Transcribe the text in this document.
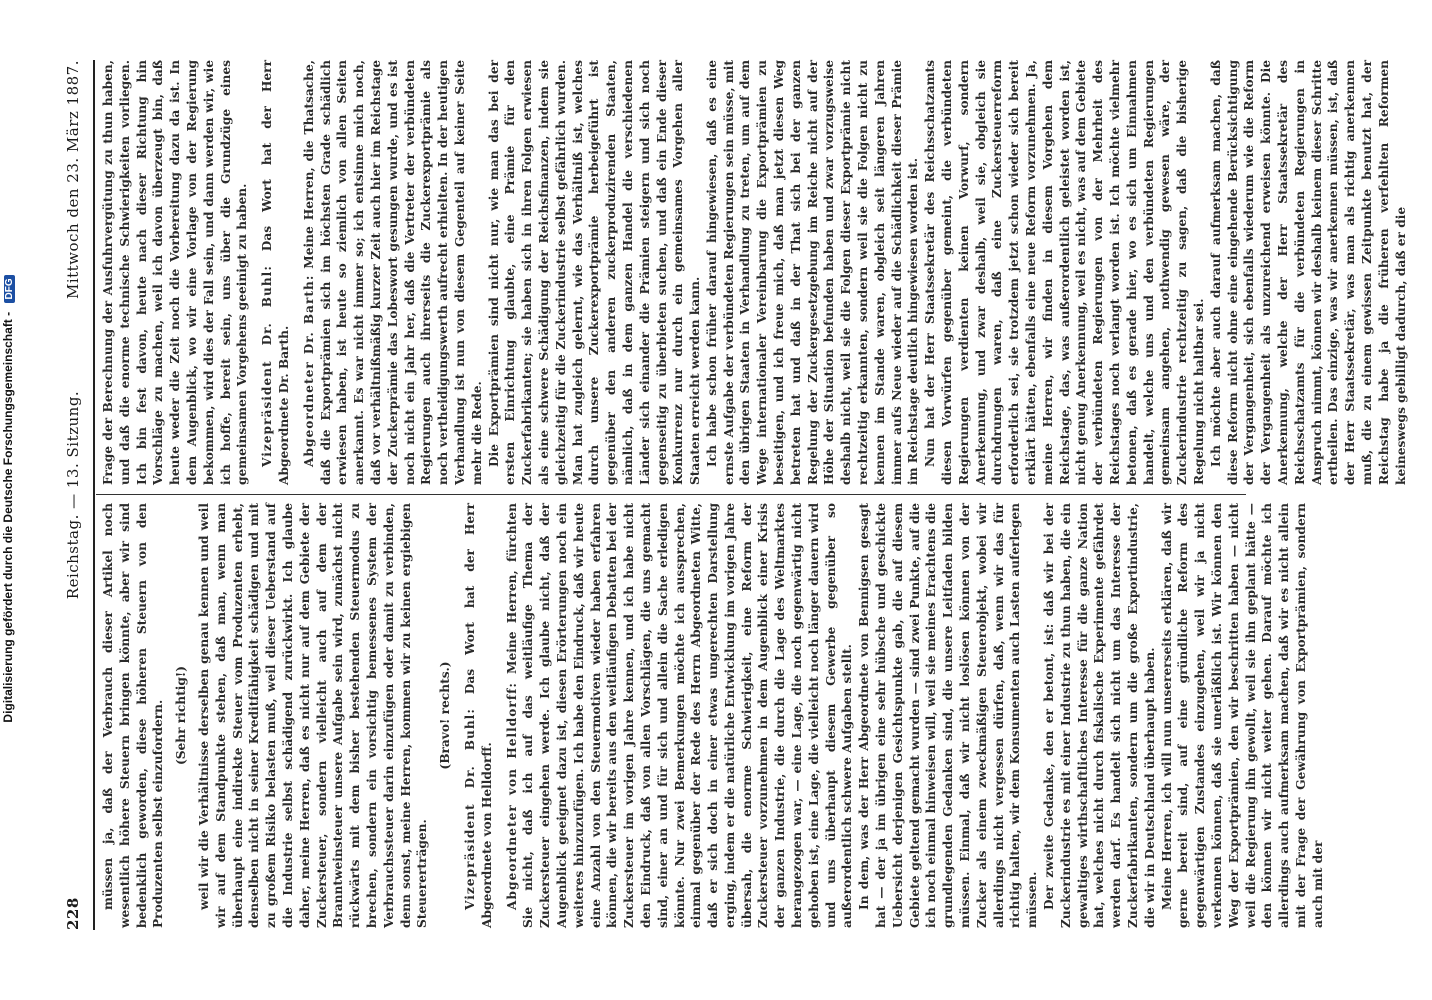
Digitalisierung gefördert durch die Deutsche Forschungsgemeinschaft - DFG
228
Reichstag. — 13. Sitzung.
Mittwoch den 23. März 1887.

müssen ja, daß der Verbrauch dieser Artikel noch wesentlich höhere Steuern bringen könnte, aber wir sind bedenklich geworden, diese höheren Steuern von den Produzenten selbst einzufordern. (Sehr richtig!) weil wir die Verhältnisse derselben genau kennen und weil wir auf dem Standpunkte stehen, daß man, wenn man überhaupt eine indirekte Steuer vom Produzenten erhebt, denselben nicht in seiner Kreditfähigkeit schädigen und mit zu großem Risiko belasten muß, weil dieser Ueberstand auf die Industrie selbst schädigend zurückwirkt. Ich glaube daher, meine Herren, daß es nicht nur auf dem Gebiete der Zuckersteuer, sondern vielleicht auch auf dem der Branntweinsteuer unsere Aufgabe sein wird, zunächst nicht rückwärts mit dem bisher bestehenden Steuermodus zu brechen, sondern ein vorsichtig bemessenes System der Verbrauchssteuer darin einzufügen oder damit zu verbinden, denn sonst, meine Herren, kommen wir zu keinen ergiebigen Steuererträgen.

(Bravo! rechts.) Vizepräsident Dr. Buhl: Das Wort hat der Herr Abgeordnete von Helldorff. Abgeordneter von Helldorff: Meine Herren, fürchten Sie nicht, daß ich auf das weitläufige Thema der Zuckersteuer eingehen werde. Ich glaube nicht, daß der Augenblick geeignet dazu ist, diesen Erörterungen noch ein weiteres hinzuzufügen. Ich habe den Eindruck, daß wir heute eine Anzahl von den Steuermotiven wieder haben erfahren können, die wir bereits aus den weitläufigen Debatten bei der Zuckersteuer im vorigen Jahre kennen, und ich habe nicht den Eindruck, daß von allen Vorschlägen, die uns gemacht sind, einer an und für sich und allein die Sache erledigen könnte. Nur zwei Bemerkungen möchte ich aussprechen, einmal gegenüber der Rede des Herrn Abgeordneten Witte, daß er sich doch in einer etwas ungerechten Darstellung erging, indem er die natürliche Entwicklung im vorigen Jahre übersah, die enorme Schwierigkeit, eine Reform der Zuckersteuer vorzunehmen in dem Augenblick einer Krisis der ganzen Industrie, die durch die Lage des Weltmarktes herangezogen war, — eine Lage, die noch gegenwärtig nicht gehoben ist, eine Lage, die vielleicht noch länger dauern wird und uns überhaupt diesem Gewerbe gegenüber so außerordentlich schwere Aufgaben stellt. In dem, was der Herr Abgeordnete von Bennigsen gesagt hat — der ja im übrigen eine sehr hübsche und geschickte Uebersicht derjenigen Gesichtspunkte gab, die auf diesem Gebiete geltend gemacht wurden — sind zwei Punkte, auf die ich noch einmal hinweisen will, weil sie meines Erachtens die grundlegenden Gedanken sind, die unsere Leitfaden bilden müssen. Einmal, daß wir nicht loslösen können von der Zucker als einem zweckmäßigen Steuerobjekt, wobei wir allerdings nicht vergessen dürfen, daß, wenn wir das für richtig halten, wir dem Konsumenten auch Lasten auferlegen müssen. Der zweite Gedanke, den er betont, ist: daß wir bei der Zuckerindustrie es mit einer Industrie zu thun haben, die ein gewaltiges wirthschaftliches Interesse für die ganze Nation hat, welches nicht durch fiskalische Experimente gefährdet werden darf. Es handelt sich nicht um das Interesse der Zuckerfabrikanten, sondern um die große Exportindustrie, die wir in Deutschland überhaupt haben. Meine Herren, ich will nun unsererseits erklären, daß wir gerne bereit sind, auf eine gründliche Reform des gegenwärtigen Zustandes einzugehen, weil wir ja nicht verkennen können, daß sie unerläßlich ist. Wir können den Weg der Exportprämien, den wir beschritten haben — nicht weil die Regierung ihn gewollt, weil sie ihn geplant hätte — den können wir nicht weiter gehen. Darauf möchte ich allerdings auch aufmerksam machen, daß wir es nicht allein mit der Frage der Gewährung von Exportprämien, sondern auch mit der

Frage der Berechnung der Ausfuhrvergütung zu thun haben, und daß die enorme technische Schwierigkeiten vorliegen. Ich bin fest davon, heute nach dieser Richtung hin Vorschläge zu machen, weil ich davon überzeugt bin, daß heute weder die Zeit noch die Vorbereitung dazu da ist. In dem Augenblick, wo wir eine Vorlage von der Regierung bekommen, wird dies der Fall sein, und dann werden wir, wie ich hoffe, bereit sein, uns über die Grundzüge eines gemeinsamen Vorgehens geeinigt zu haben. Vizepräsident Dr. Buhl: Das Wort hat der Herr Abgeordnete Dr. Barth. Abgeordneter Dr. Barth: Meine Herren, die Thatsache, daß die Exportprämien sich im höchsten Grade schädlich erwiesen haben, ist heute so ziemlich von allen Seiten anerkannt. Es war nicht immer so; ich entsinne mich noch, daß vor verhältnißmäßig kurzer Zeit auch hier im Reichstage der Zuckerprämie das Lobeswort gesungen wurde, und es ist noch nicht ein Jahr her, daß die Vertreter der verbündeten Regierungen auch ihrerseits die Zuckerexportprämie als noch vertheidigungswerth aufrecht erhielten. In der heutigen Verhandlung ist nun von diesem Gegenteil auf keiner Seite mehr die Rede. Die Exportprämien sind nicht nur, wie man das bei der ersten Einrichtung glaubte, eine Prämie für den Zuckerfabrikanten; sie haben sich in ihren Folgen erwiesen als eine schwere Schädigung der Reichsfinanzen, indem sie gleichzeitig für die Zuckerindustrie selbst gefährlich wurden. Man hat zugleich gelernt, wie das Verhältniß ist, welches durch unsere Zuckerexportprämie herbeigeführt ist gegenüber den anderen zuckerproduzirenden Staaten, nämlich, daß in dem ganzen Handel die verschiedenen Länder sich einander die Prämien steigern und sich noch gegenseitig zu überbieten suchen, und daß ein Ende dieser Konkurrenz nur durch ein gemeinsames Vorgehen aller Staaten erreicht werden kann. Ich habe schon früher darauf hingewiesen, daß es eine ernste Aufgabe der verbündeten Regierungen sein müsse, mit den übrigen Staaten in Verhandlung zu treten, um auf dem Wege internationaler Vereinbarung die Exportprämien zu beseitigen, und ich freue mich, daß man jetzt diesen Weg betreten hat und daß in der That sich bei der ganzen Regelung der Zuckergesetzgebung im Reiche nicht auf der Höhe der Situation befunden haben und zwar vorzugsweise deshalb nicht, weil sie die Folgen dieser Exportprämie nicht rechtzeitig erkannten, sondern weil sie die Folgen nicht zu kennen im Stande waren, obgleich seit längeren Jahren immer aufs Neue wieder auf die Schädlichkeit dieser Prämie im Reichstage deutlich hingewiesen worden ist. Nun hat der Herr Staatssekretär des Reichsschatzamts diesen Vorwürfen gegenüber gemeint, die verbündeten Regierungen verdienten keinen Vorwurf, sondern Anerkennung, und zwar deshalb, weil sie, obgleich sie durchdrungen waren, daß eine Zuckersteuerreform erforderlich sei, sie trotzdem jetzt schon wieder sich bereit erklärt hätten, ebenfalls eine neue Reform vorzunehmen. Ja, meine Herren, wir finden in diesem Vorgehen dem Reichstage, das, was außerordentlich geleistet worden ist, nicht genug Anerkennung, weil es nicht, was auf dem Gebiete der verbündeten Regierungen von der Mehrheit des Reichstages noch verlangt worden ist. Ich möchte vielmehr betonen, daß es gerade hier, wo es sich um Einnahmen handelt, welche uns und den verbündeten Regierungen gemeinsam angehen, nothwendig gewesen wäre, der Zuckerindustrie rechtzeitig zu sagen, daß die bisherige Regelung nicht haltbar sei. Ich möchte aber auch darauf aufmerksam machen, daß diese Reform nicht ohne eine eingehende Berücksichtigung der Vergangenheit, sich ebenfalls wiederum wie die Reform der Vergangenheit als unzureichend erweisen könnte. Die Anerkennung, welche der Herr Staatssekretär des Reichsschatzamts für die verbündeten Regierungen in Anspruch nimmt, können wir deshalb keinem dieser Schritte ertheilen. Das einzige, was wir anerkennen müssen, ist, daß der Herr Staatssekretär, was man als richtig anerkennen muß, die zu einem gewissen Zeitpunkte benutzt hat, der Reichstag habe ja die früheren verfehlten Reformen keineswegs gebilligt dadurch, daß er die
